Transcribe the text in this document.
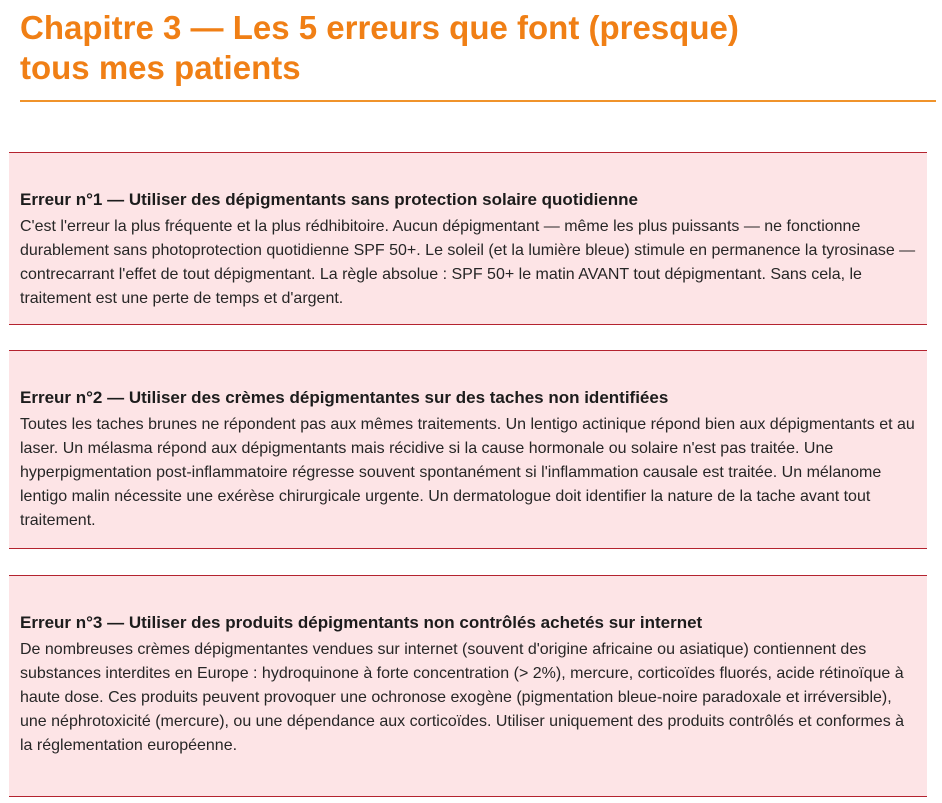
Chapitre 3 — Les 5 erreurs que font (presque)
tous mes patients
Erreur n°1 — Utiliser des dépigmentants sans protection solaire quotidienne

C'est l'erreur la plus fréquente et la plus rédhibitoire. Aucun dépigmentant — même les plus puissants — ne fonctionne durablement sans photoprotection quotidienne SPF 50+. Le soleil (et la lumière bleue) stimule en permanence la tyrosinase — contrecarrant l'effet de tout dépigmentant. La règle absolue : SPF 50+ le matin AVANT tout dépigmentant. Sans cela, le traitement est une perte de temps et d'argent.

Erreur n°2 — Utiliser des crèmes dépigmentantes sur des taches non identifiées

Toutes les taches brunes ne répondent pas aux mêmes traitements. Un lentigo actinique répond bien aux dépigmentants et au laser. Un mélasma répond aux dépigmentants mais récidive si la cause hormonale ou solaire n'est pas traitée. Une hyperpigmentation post-inflammatoire régresse souvent spontanément si l'inflammation causale est traitée. Un mélanome lentigo malin nécessite une exérèse chirurgicale urgente. Un dermatologue doit identifier la nature de la tache avant tout traitement.

Erreur n°3 — Utiliser des produits dépigmentants non contrôlés achetés sur internet

De nombreuses crèmes dépigmentantes vendues sur internet (souvent d'origine africaine ou asiatique) contiennent des substances interdites en Europe : hydroquinone à forte concentration (> 2%), mercure, corticoïdes fluorés, acide rétinoïque à haute dose. Ces produits peuvent provoquer une ochronose exogène (pigmentation bleue-noire paradoxale et irréversible), une néphrotoxicité (mercure), ou une dépendance aux corticoïdes. Utiliser uniquement des produits contrôlés et conformes à la réglementation européenne.
